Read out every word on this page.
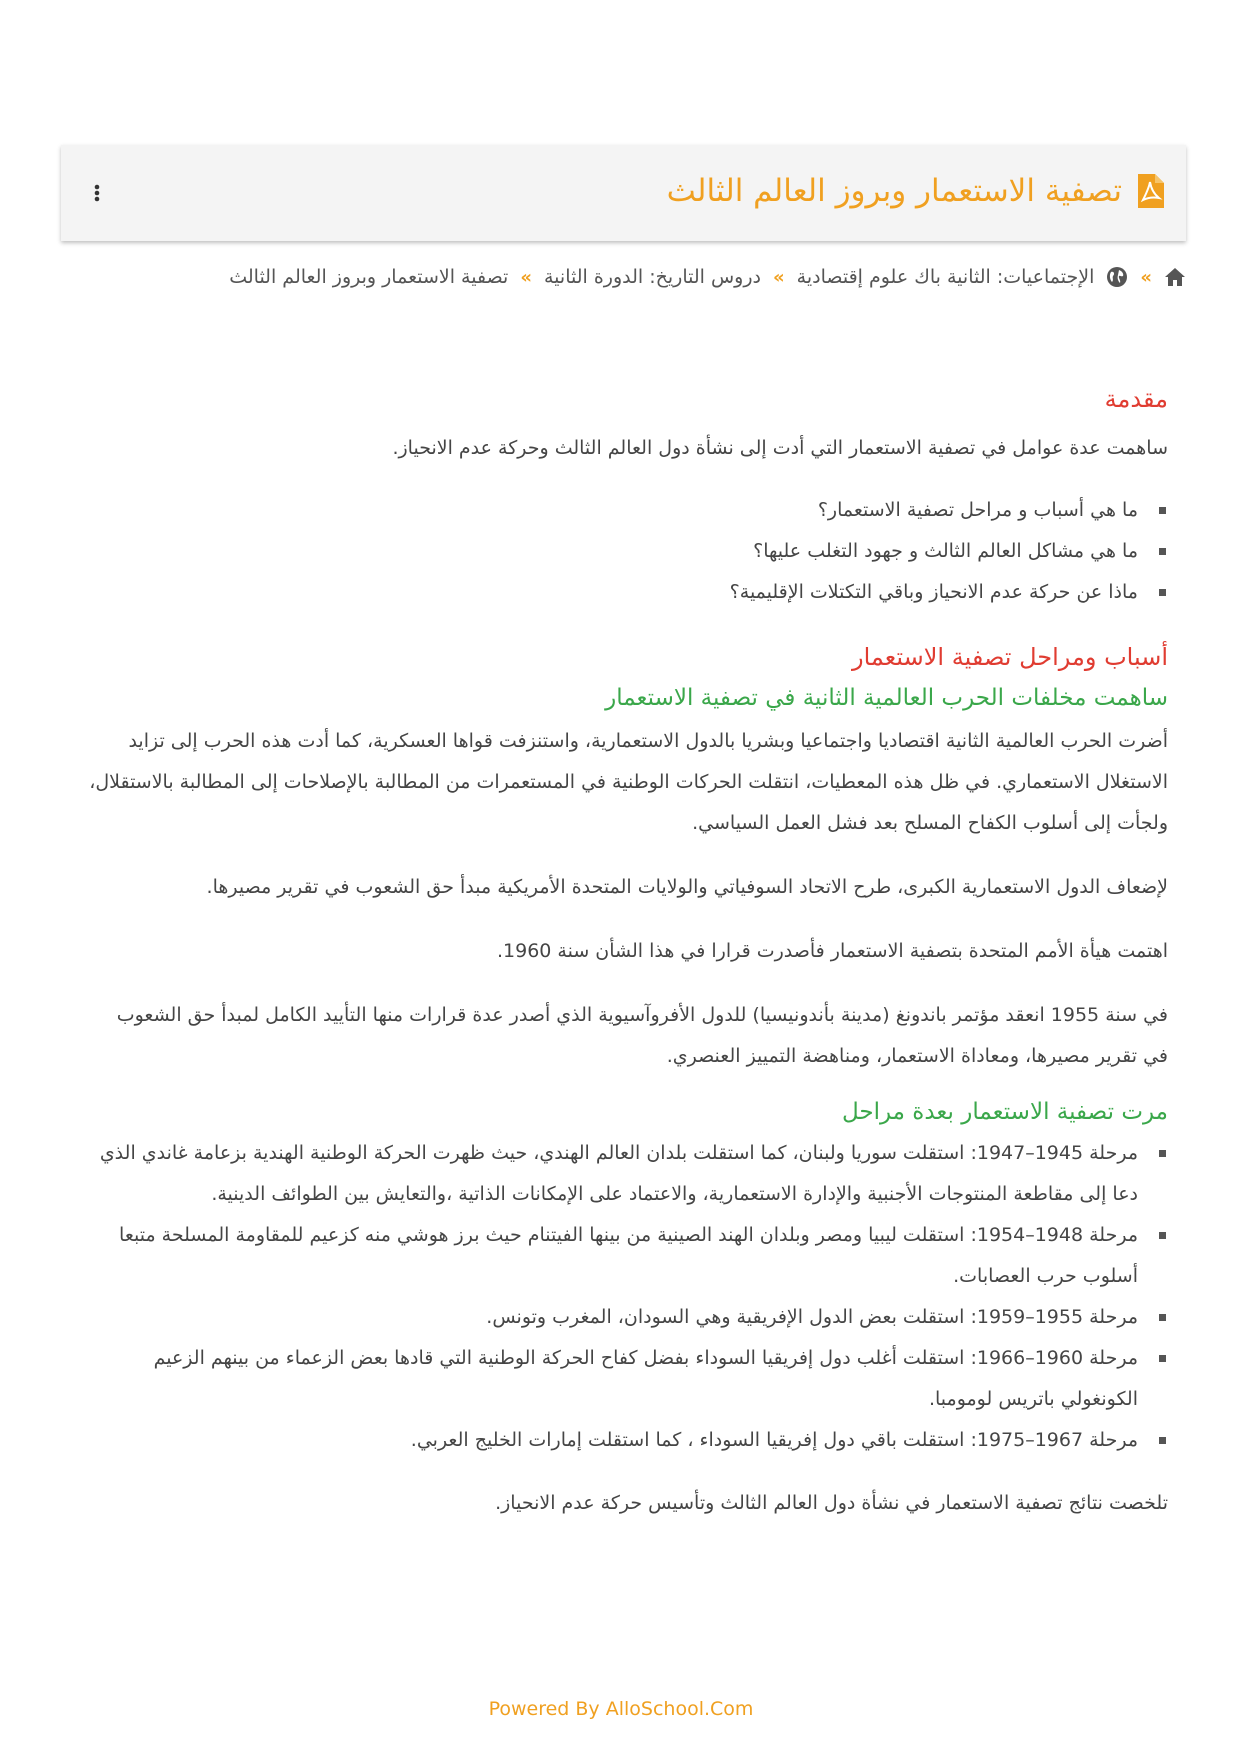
تصفية الاستعمار وبروز العالم الثالث
»
الإجتماعيات: الثانية باك علوم إقتصادية
»
دروس التاريخ: الدورة الثانية
»
تصفية الاستعمار وبروز العالم الثالث
مقدمة

ساهمت عدة عوامل في تصفية الاستعمار التي أدت إلى نشأة دول العالم الثالث وحركة عدم الانحياز.

ما هي أسباب و مراحل تصفية الاستعمار؟
ما هي مشاكل العالم الثالث و جهود التغلب عليها؟
ماذا عن حركة عدم الانحياز وباقي التكتلات الإقليمية؟
أسباب ومراحل تصفية الاستعمار
ساهمت مخلفات الحرب العالمية الثانية في تصفية الاستعمار

أضرت الحرب العالمية الثانية اقتصاديا واجتماعيا وبشريا بالدول الاستعمارية، واستنزفت قواها العسكرية، كما أدت هذه الحرب إلى تزايد الاستغلال الاستعماري. في ظل هذه المعطيات، انتقلت الحركات الوطنية في المستعمرات من المطالبة بالإصلاحات إلى المطالبة بالاستقلال، ولجأت إلى أسلوب الكفاح المسلح بعد فشل العمل السياسي.

لإضعاف الدول الاستعمارية الكبرى، طرح الاتحاد السوفياتي والولايات المتحدة الأمريكية مبدأ حق الشعوب في تقرير مصيرها.

اهتمت هيأة الأمم المتحدة بتصفية الاستعمار فأصدرت قرارا في هذا الشأن سنة 1960.

في سنة 1955 انعقد مؤتمر باندونغ (مدينة بأندونيسيا) للدول الأفروآسيوية الذي أصدر عدة قرارات منها التأييد الكامل لمبدأ حق الشعوب في تقرير مصيرها، ومعاداة الاستعمار، ومناهضة التمييز العنصري.

مرت تصفية الاستعمار بعدة مراحل
مرحلة 1945–1947: استقلت سوريا ولبنان، كما استقلت بلدان العالم الهندي، حيث ظهرت الحركة الوطنية الهندية بزعامة غاندي الذي دعا إلى مقاطعة المنتوجات الأجنبية والإدارة الاستعمارية، والاعتماد على الإمكانات الذاتية ،والتعايش بين الطوائف الدينية.
مرحلة 1948–1954: استقلت ليبيا ومصر وبلدان الهند الصينية من بينها الفيتنام حيث برز هوشي منه كزعيم للمقاومة المسلحة متبعا أسلوب حرب العصابات.
مرحلة 1955–1959: استقلت بعض الدول الإفريقية وهي السودان، المغرب وتونس.
مرحلة 1960–1966: استقلت أغلب دول إفريقيا السوداء بفضل كفاح الحركة الوطنية التي قادها بعض الزعماء من بينهم الزعيم الكونغولي باتريس لومومبا.
مرحلة 1967–1975: استقلت باقي دول إفريقيا السوداء ، كما استقلت إمارات الخليج العربي.

تلخصت نتائج تصفية الاستعمار في نشأة دول العالم الثالث وتأسيس حركة عدم الانحياز.

Powered By AlloSchool.Com
